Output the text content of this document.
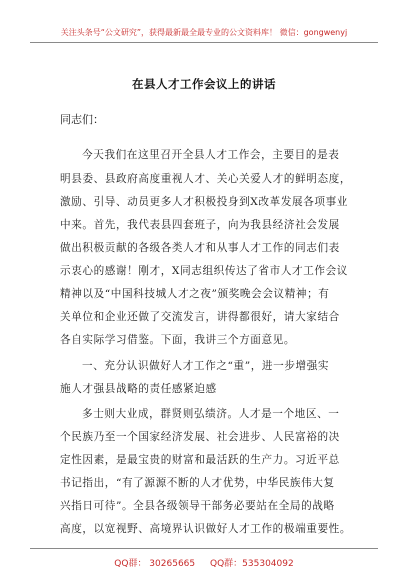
关注头条号“公文研究”，获得最新最全最专业的公文资料库！ 微信：gongwenyj
在县人才工作会议上的讲话
同志们：
今天我们在这里召开全县人才工作会，主要目的是表
明县委、县政府高度重视人才、关心关爱人才的鲜明态度，
激励、引导、动员更多人才积极投身到X改革发展各项事业
中来。首先，我代表县四套班子，向为我县经济社会发展
做出积极贡献的各级各类人才和从事人才工作的同志们表
示衷心的感谢！刚才，X同志组织传达了省市人才工作会议
精神以及“中国科技城人才之夜”颁奖晚会会议精神；有
关单位和企业还做了交流发言，讲得都很好，请大家结合
各自实际学习借鉴。下面，我讲三个方面意见。
一、充分认识做好人才工作之“重”，进一步增强实
施人才强县战略的责任感紧迫感
多士则大业成，群贤则弘绩济。人才是一个地区、一
个民族乃至一个国家经济发展、社会进步、人民富裕的决
定性因素，是最宝贵的财富和最活跃的生产力。习近平总
书记指出，“有了源源不断的人才优势，中华民族伟大复
兴指日可待”。全县各级领导干部务必要站在全局的战略
QQ群： 30265665 QQ群：535304092
高度，以宽视野、高境界认识做好人才工作的极端重要性。
